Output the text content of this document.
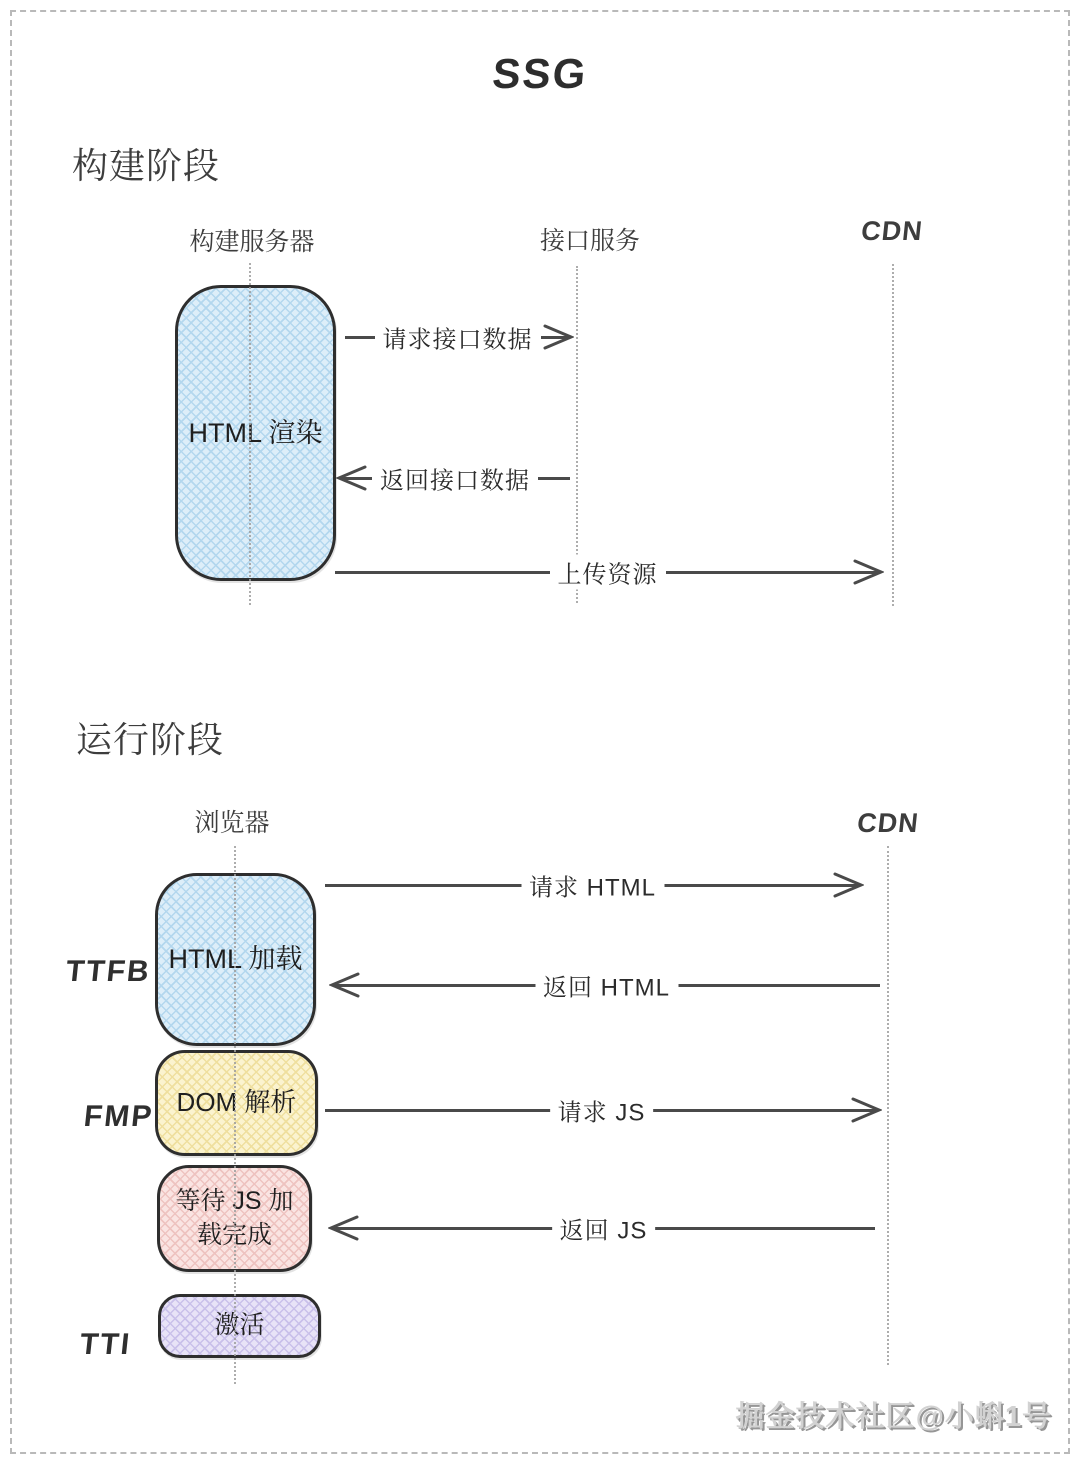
SSG
构建阶段
构建服务器	接口服务	CDN
HTML 渲染
请求接口数据
返回接口数据
上传资源
运行阶段
浏览器	CDN
TTFB
FMP
TTI
HTML 加载
DOM 解析
等待 JS 加载完成
激活
请求 HTML
返回 HTML
请求 JS
返回 JS
掘金技术社区@小蝌1号
